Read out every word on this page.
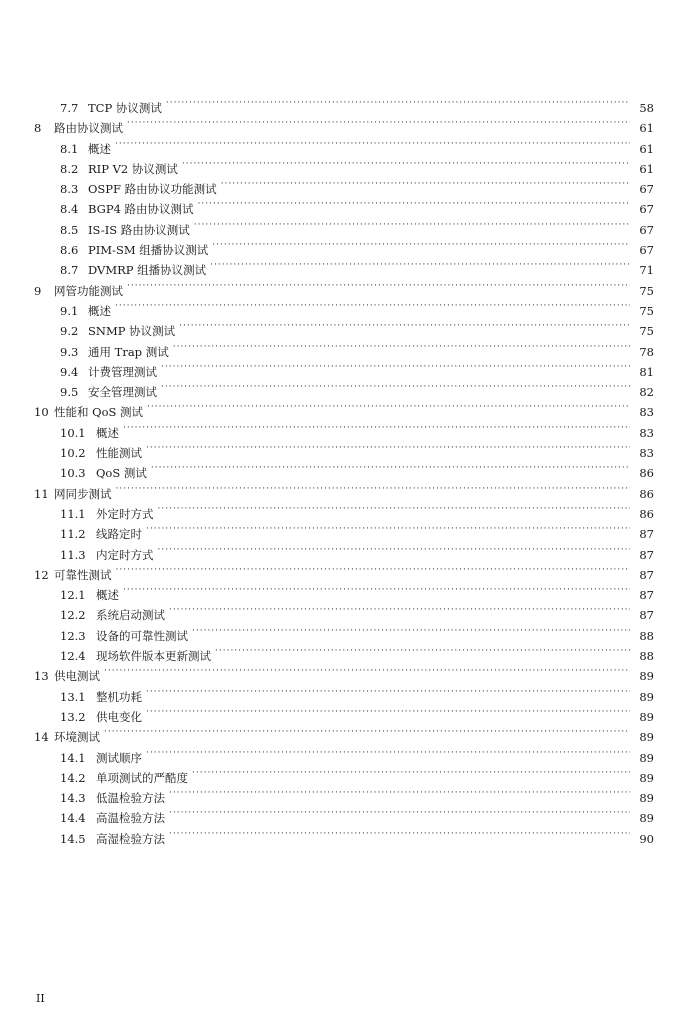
7.7 TCP 协议测试 ·····	58
8	路由协议测试 ·····	61
8.1 概述 ·····	61
8.2 RIP V2 协议测试 ·····	61
8.3 OSPF 路由协议功能测试 ·····	67
8.4 BGP4 路由协议测试 ·····	67
8.5 IS-IS 路由协议测试 ·····	67
8.6 PIM-SM 组播协议测试 ·····	67
8.7 DVMRP 组播协议测试 ·····	71
9	网管功能测试 ·····	75
9.1 概述 ·····	75
9.2 SNMP 协议测试 ·····	75
9.3 通用 Trap 测试 ·····	78
9.4 计费管理测试 ·····	81
9.5 安全管理测试 ·····	82
10 性能和 QoS 测试 ·····	83
10.1 概述 ·····	83
10.2 性能测试 ·····	83
10.3 QoS 测试 ·····	86
11 网同步测试 ·····	86
11.1 外定时方式 ·····	86
11.2 线路定时 ·····	87
11.3 内定时方式 ·····	87
12 可靠性测试 ·····	87
12.1 概述 ·····	87
12.2 系统启动测试 ·····	87
12.3 设备的可靠性测试 ·····	88
12.4 现场软件版本更新测试 ·····	88
13 供电测试 ·····	89
13.1 整机功耗 ·····	89
13.2 供电变化 ·····	89
14 环境测试 ·····	89
14.1 测试顺序 ·····	89
14.2 单项测试的严酷度 ·····	89
14.3 低温检验方法 ·····	89
14.4 高温检验方法 ·····	89
14.5 高湿检验方法 ·····	90
II
